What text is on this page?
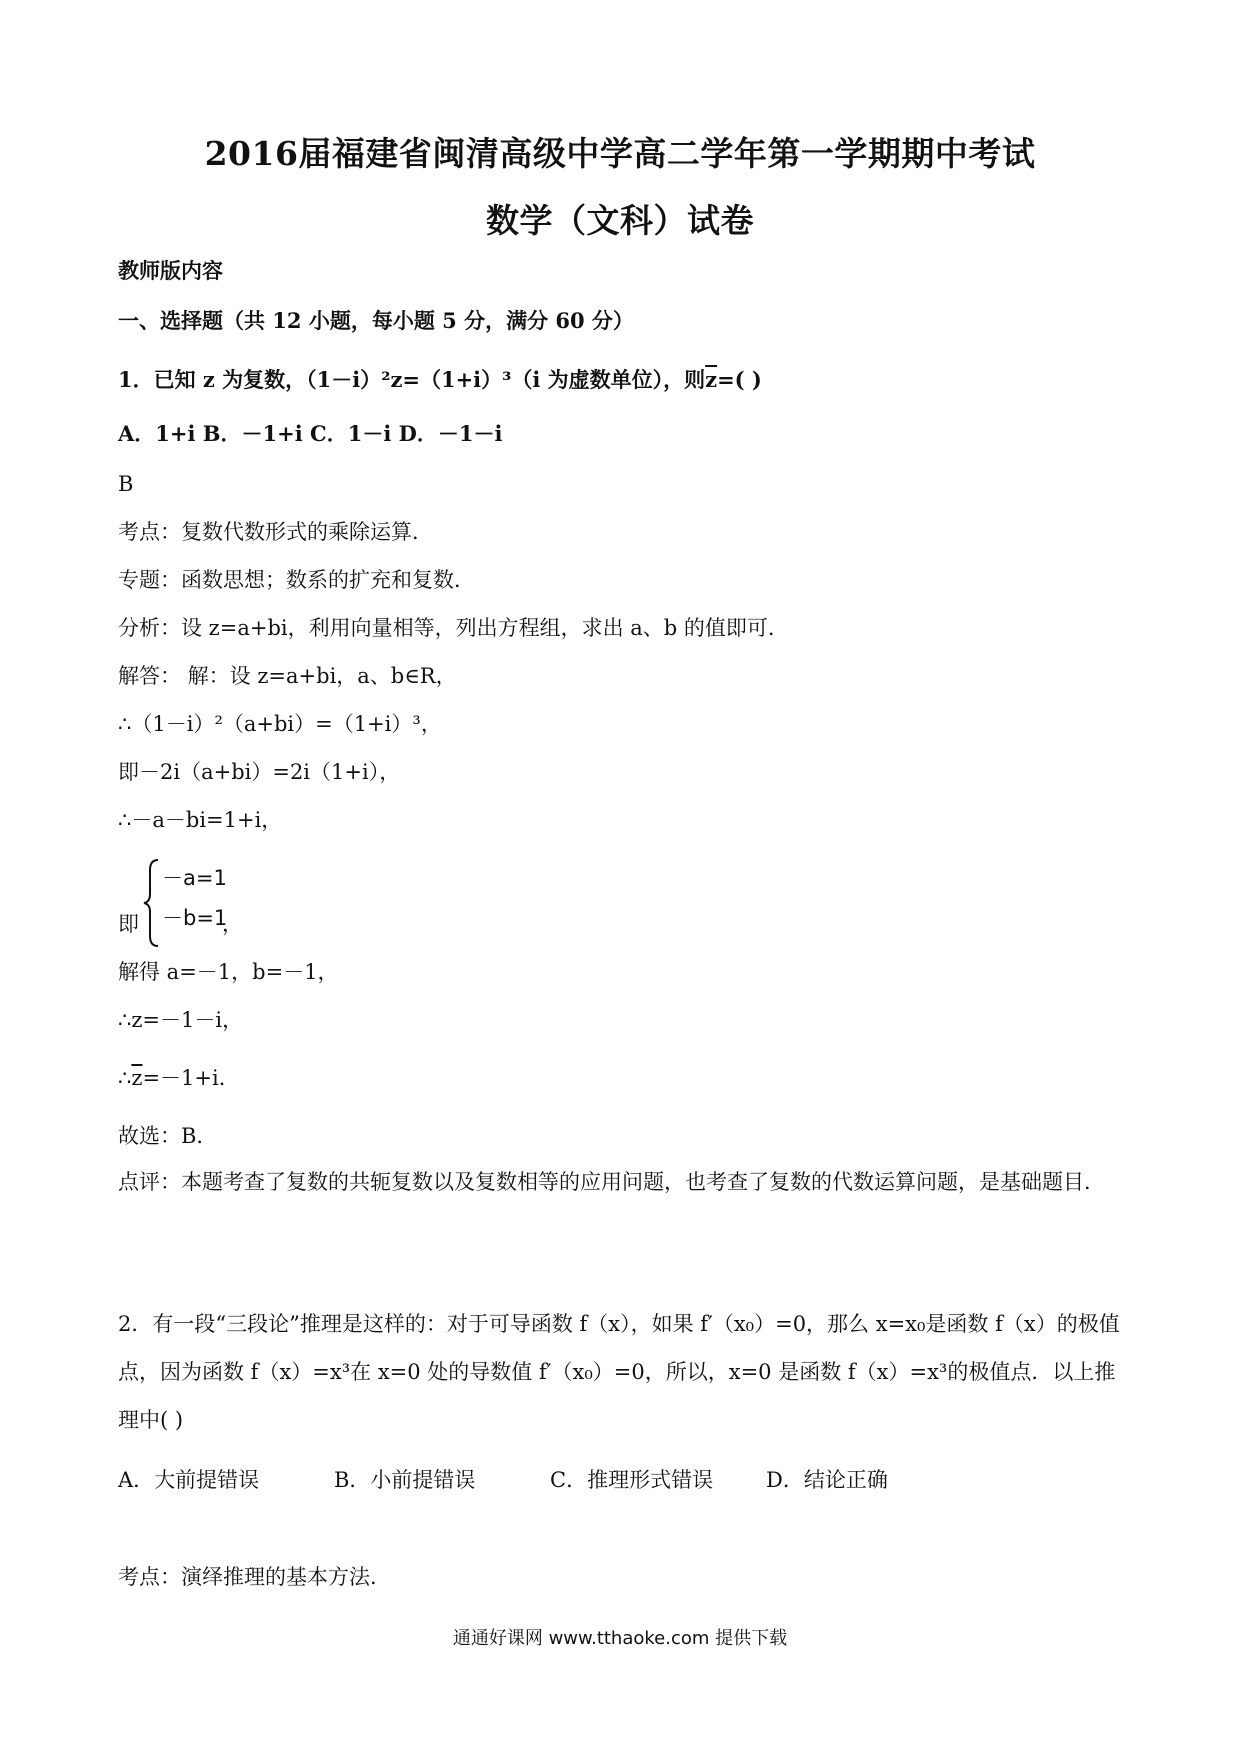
2016届福建省闽清高级中学高二学年第一学期期中考试
数学（文科）试卷
教师版内容
一、选择题（共 12 小题，每小题 5 分，满分 60 分）
1．已知 z 为复数，（1－i）²z=（1+i）³（i 为虚数单位），则$\overline{z}=$( )
A．1+i B．－1+i C．1－i D．－1－i
B
考点：复数代数形式的乘除运算．
专题：函数思想；数系的扩充和复数．
分析：设 z=a+bi，利用向量相等，列出方程组，求出 a、b 的值即可．
解答： 解：设 z=a+bi，a、b∈R，
∴（1－i）²（a+bi）=（1+i）³，
即－2i（a+bi）=2i（1+i），
∴－a－bi=1+i，
即
－a=1
－b=1
，
解得 a=－1，b=－1，
∴z=－1－i，
$\therefore\overline{z}=-1+i$．
故选：B．
点评：本题考查了复数的共轭复数以及复数相等的应用问题，也考查了复数的代数运算问题，是基础题目．
2．有一段“三段论”推理是这样的：对于可导函数 f（x），如果 f′（x₀）=0，那么 x=x₀是函数 f（x）的极值点，因为函数 f（x）=x³在 x=0 处的导数值 f′（x₀）=0，所以，x=0 是函数 f（x）=x³的极值点．以上推理中( )
A．大前提错误	B．小前提错误	C．推理形式错误	D．结论正确
考点：演绎推理的基本方法．
通通好课网 www.tthaoke.com 提供下载
